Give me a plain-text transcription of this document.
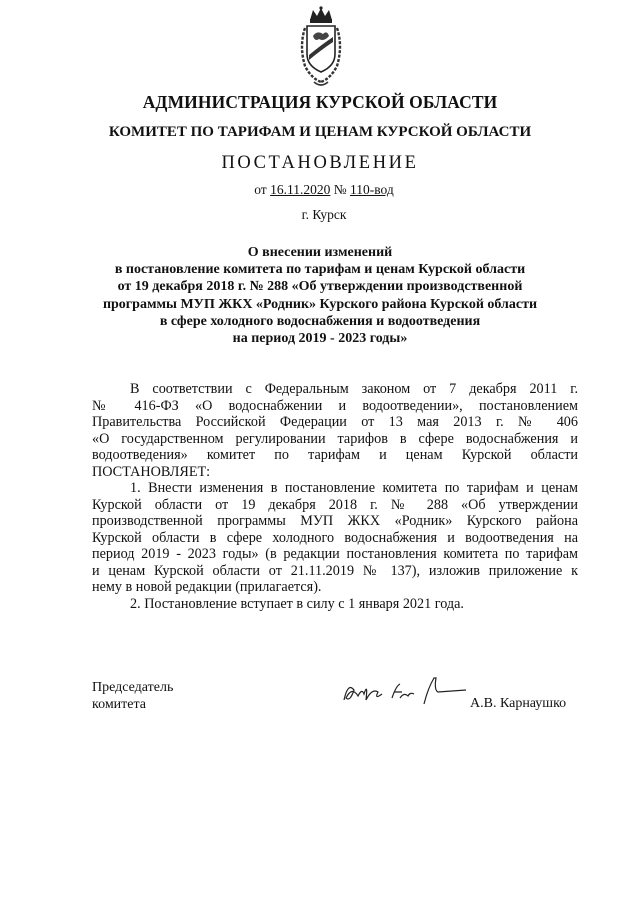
АДМИНИСТРАЦИЯ КУРСКОЙ ОБЛАСТИ
КОМИТЕТ ПО ТАРИФАМ И ЦЕНАМ КУРСКОЙ ОБЛАСТИ
ПОСТАНОВЛЕНИЕ
от 16.11.2020 № 110-вод
г. Курск
О внесении изменений
в постановление комитета по тарифам и ценам Курской области
от 19 декабря 2018 г. № 288 «Об утверждении производственной
программы МУП ЖКХ «Родник» Курского района Курской области
в сфере холодного водоснабжения и водоотведения
на период 2019 - 2023 годы»
В соответствии с Федеральным законом от 7 декабря 2011 г.
№ 416-ФЗ «О водоснабжении и водоотведении», постановлением
Правительства Российской Федерации от 13 мая 2013 г. № 406
«О государственном регулировании тарифов в сфере водоснабжения и
водоотведения» комитет по тарифам и ценам Курской области
ПОСТАНОВЛЯЕТ:
1. Внести изменения в постановление комитета по тарифам и ценам
Курской области от 19 декабря 2018 г. № 288 «Об утверждении
производственной программы МУП ЖКХ «Родник» Курского района
Курской области в сфере холодного водоснабжения и водоотведения на
период 2019 - 2023 годы» (в редакции постановления комитета по тарифам
и ценам Курской области от 21.11.2019 № 137), изложив приложение к
нему в новой редакции (прилагается).
2. Постановление вступает в силу с 1 января 2021 года.
Председатель
комитета	А.В. Карнаушко
